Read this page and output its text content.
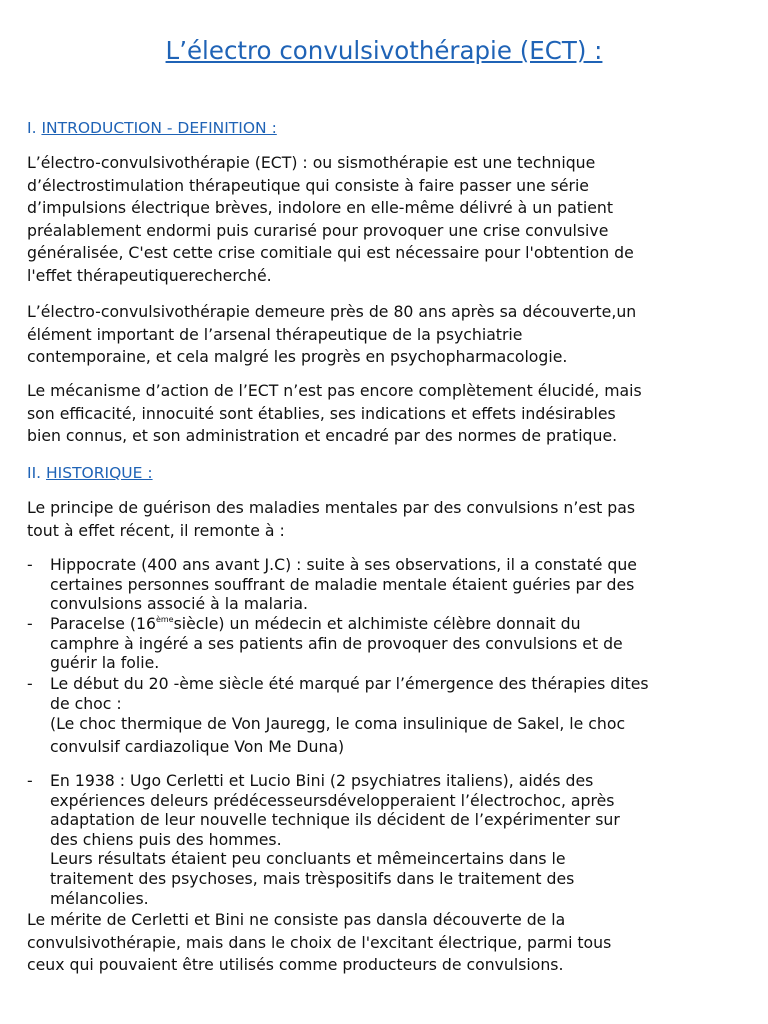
L’électro convulsivothérapie (ECT) :
I. INTRODUCTION - DEFINITION :

L’électro-convulsivothérapie (ECT) : ou sismothérapie est une technique
d’électrostimulation thérapeutique qui consiste à faire passer une série
d’impulsions électrique brèves, indolore en elle-même délivré à un patient
préalablement endormi puis curarisé pour provoquer une crise convulsive
généralisée, C'est cette crise comitiale qui est nécessaire pour l'obtention de
l'effet thérapeutiquerecherché.

L’électro-convulsivothérapie demeure près de 80 ans après sa découverte,un
élément important de l’arsenal thérapeutique de la psychiatrie
contemporaine, et cela malgré les progrès en psychopharmacologie.

Le mécanisme d’action de l’ECT n’est pas encore complètement élucidé, mais
son efficacité, innocuité sont établies, ses indications et effets indésirables
bien connus, et son administration et encadré par des normes de pratique.

II. HISTORIQUE :

Le principe de guérison des maladies mentales par des convulsions n’est pas
tout à effet récent, il remonte à :

- Hippocrate (400 ans avant J.C) : suite à ses observations, il a constaté que
certaines personnes souffrant de maladie mentale étaient guéries par des
convulsions associé à la malaria.
- Paracelse (16èmesiècle) un médecin et alchimiste célèbre donnait du
camphre à ingéré a ses patients afin de provoquer des convulsions et de
guérir la folie.
- Le début du 20 -ème siècle été marqué par l’émergence des thérapies dites
de choc :
(Le choc thermique de Von Jauregg, le coma insulinique de Sakel, le choc
convulsif cardiazolique Von Me Duna)
- En 1938 : Ugo Cerletti et Lucio Bini (2 psychiatres italiens), aidés des
expériences deleurs prédécesseursdévelopperaient l’électrochoc, après
adaptation de leur nouvelle technique ils décident de l’expérimenter sur
des chiens puis des hommes.
Leurs résultats étaient peu concluants et mêmeincertains dans le
traitement des psychoses, mais trèspositifs dans le traitement des
mélancolies.

Le mérite de Cerletti et Bini ne consiste pas dansla découverte de la
convulsivothérapie, mais dans le choix de l'excitant électrique, parmi tous
ceux qui pouvaient être utilisés comme producteurs de convulsions.
